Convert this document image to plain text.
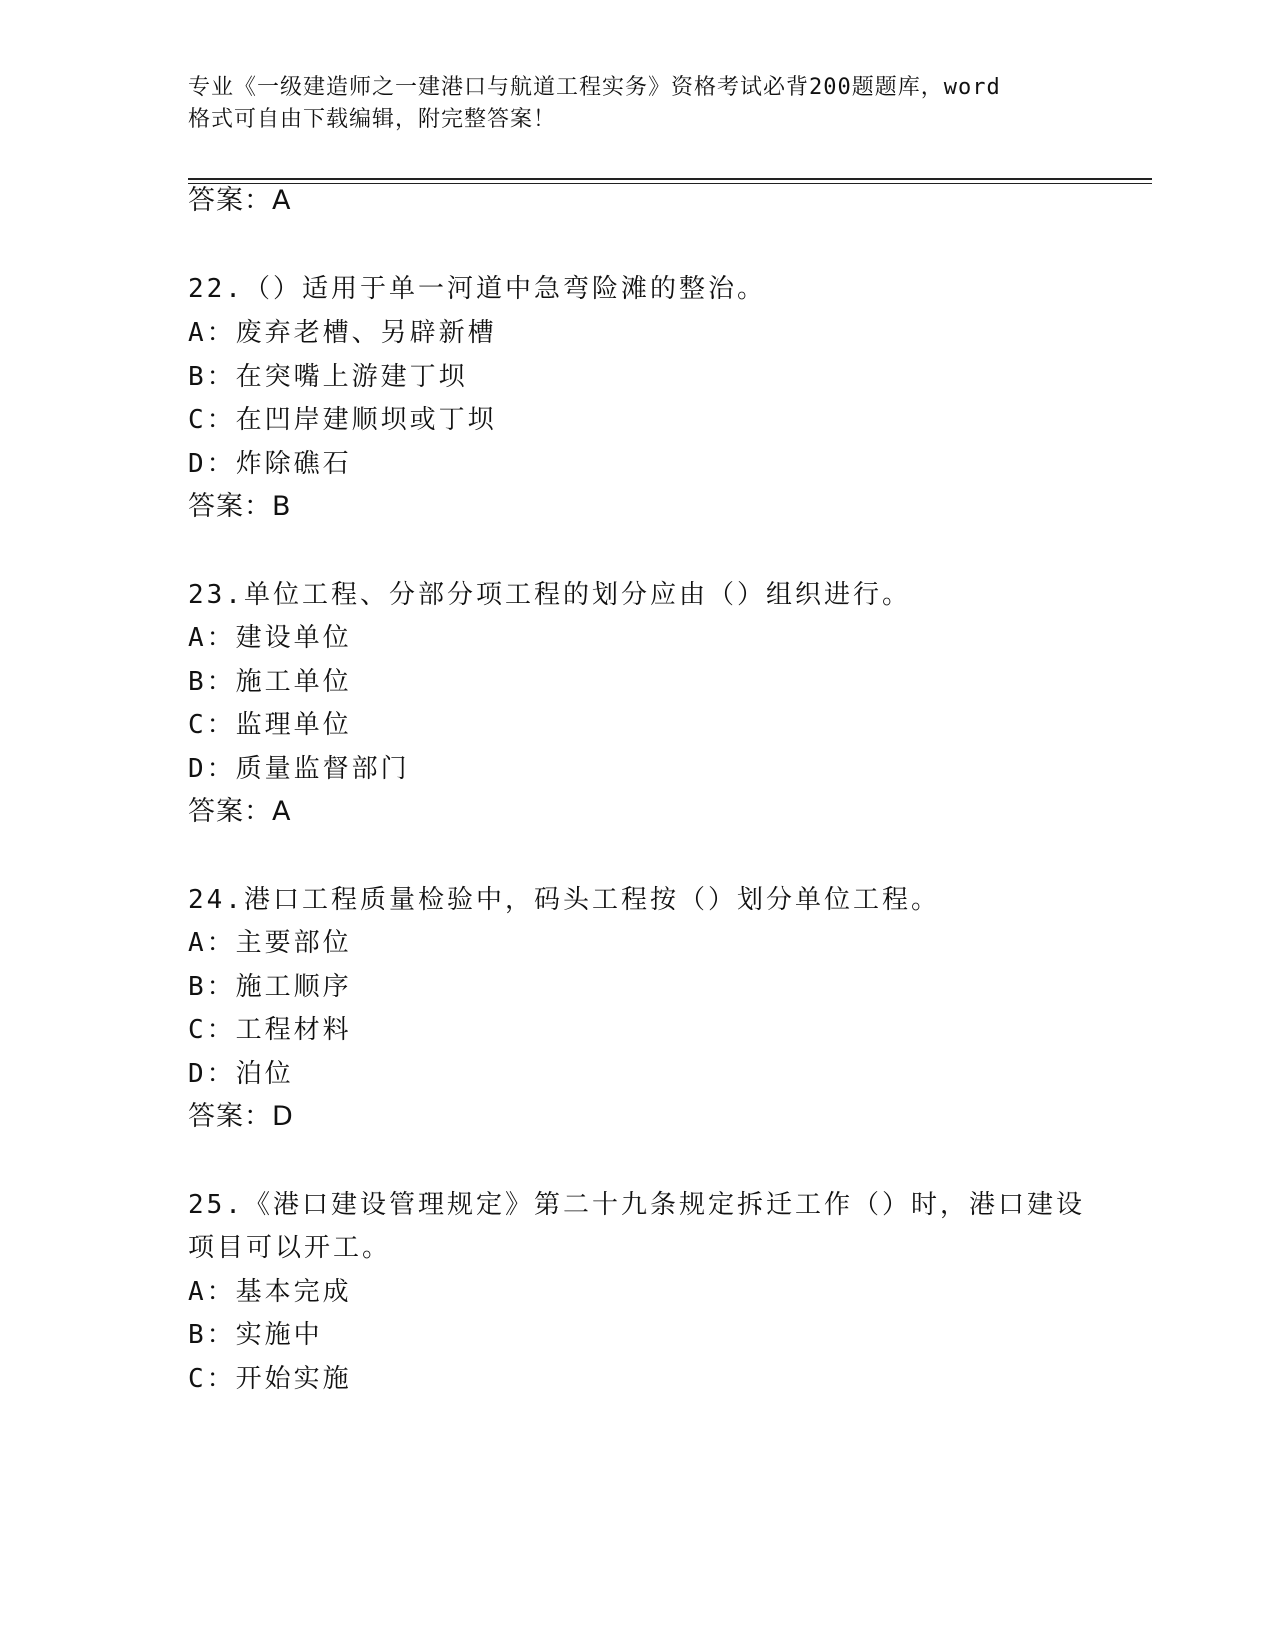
专业《一级建造师之一建港口与航道工程实务》资格考试必背200题题库，word
格式可自由下载编辑，附完整答案！
答案：A
22.（）适用于单一河道中急弯险滩的整治。
A：废弃老槽、另辟新槽
B：在突嘴上游建丁坝
C：在凹岸建顺坝或丁坝
D：炸除礁石
答案：B
23.单位工程、分部分项工程的划分应由（）组织进行。
A：建设单位
B：施工单位
C：监理单位
D：质量监督部门
答案：A
24.港口工程质量检验中，码头工程按（）划分单位工程。
A：主要部位
B：施工顺序
C：工程材料
D：泊位
答案：D
25.《港口建设管理规定》第二十九条规定拆迁工作（）时，港口建设
项目可以开工。
A：基本完成
B：实施中
C：开始实施
